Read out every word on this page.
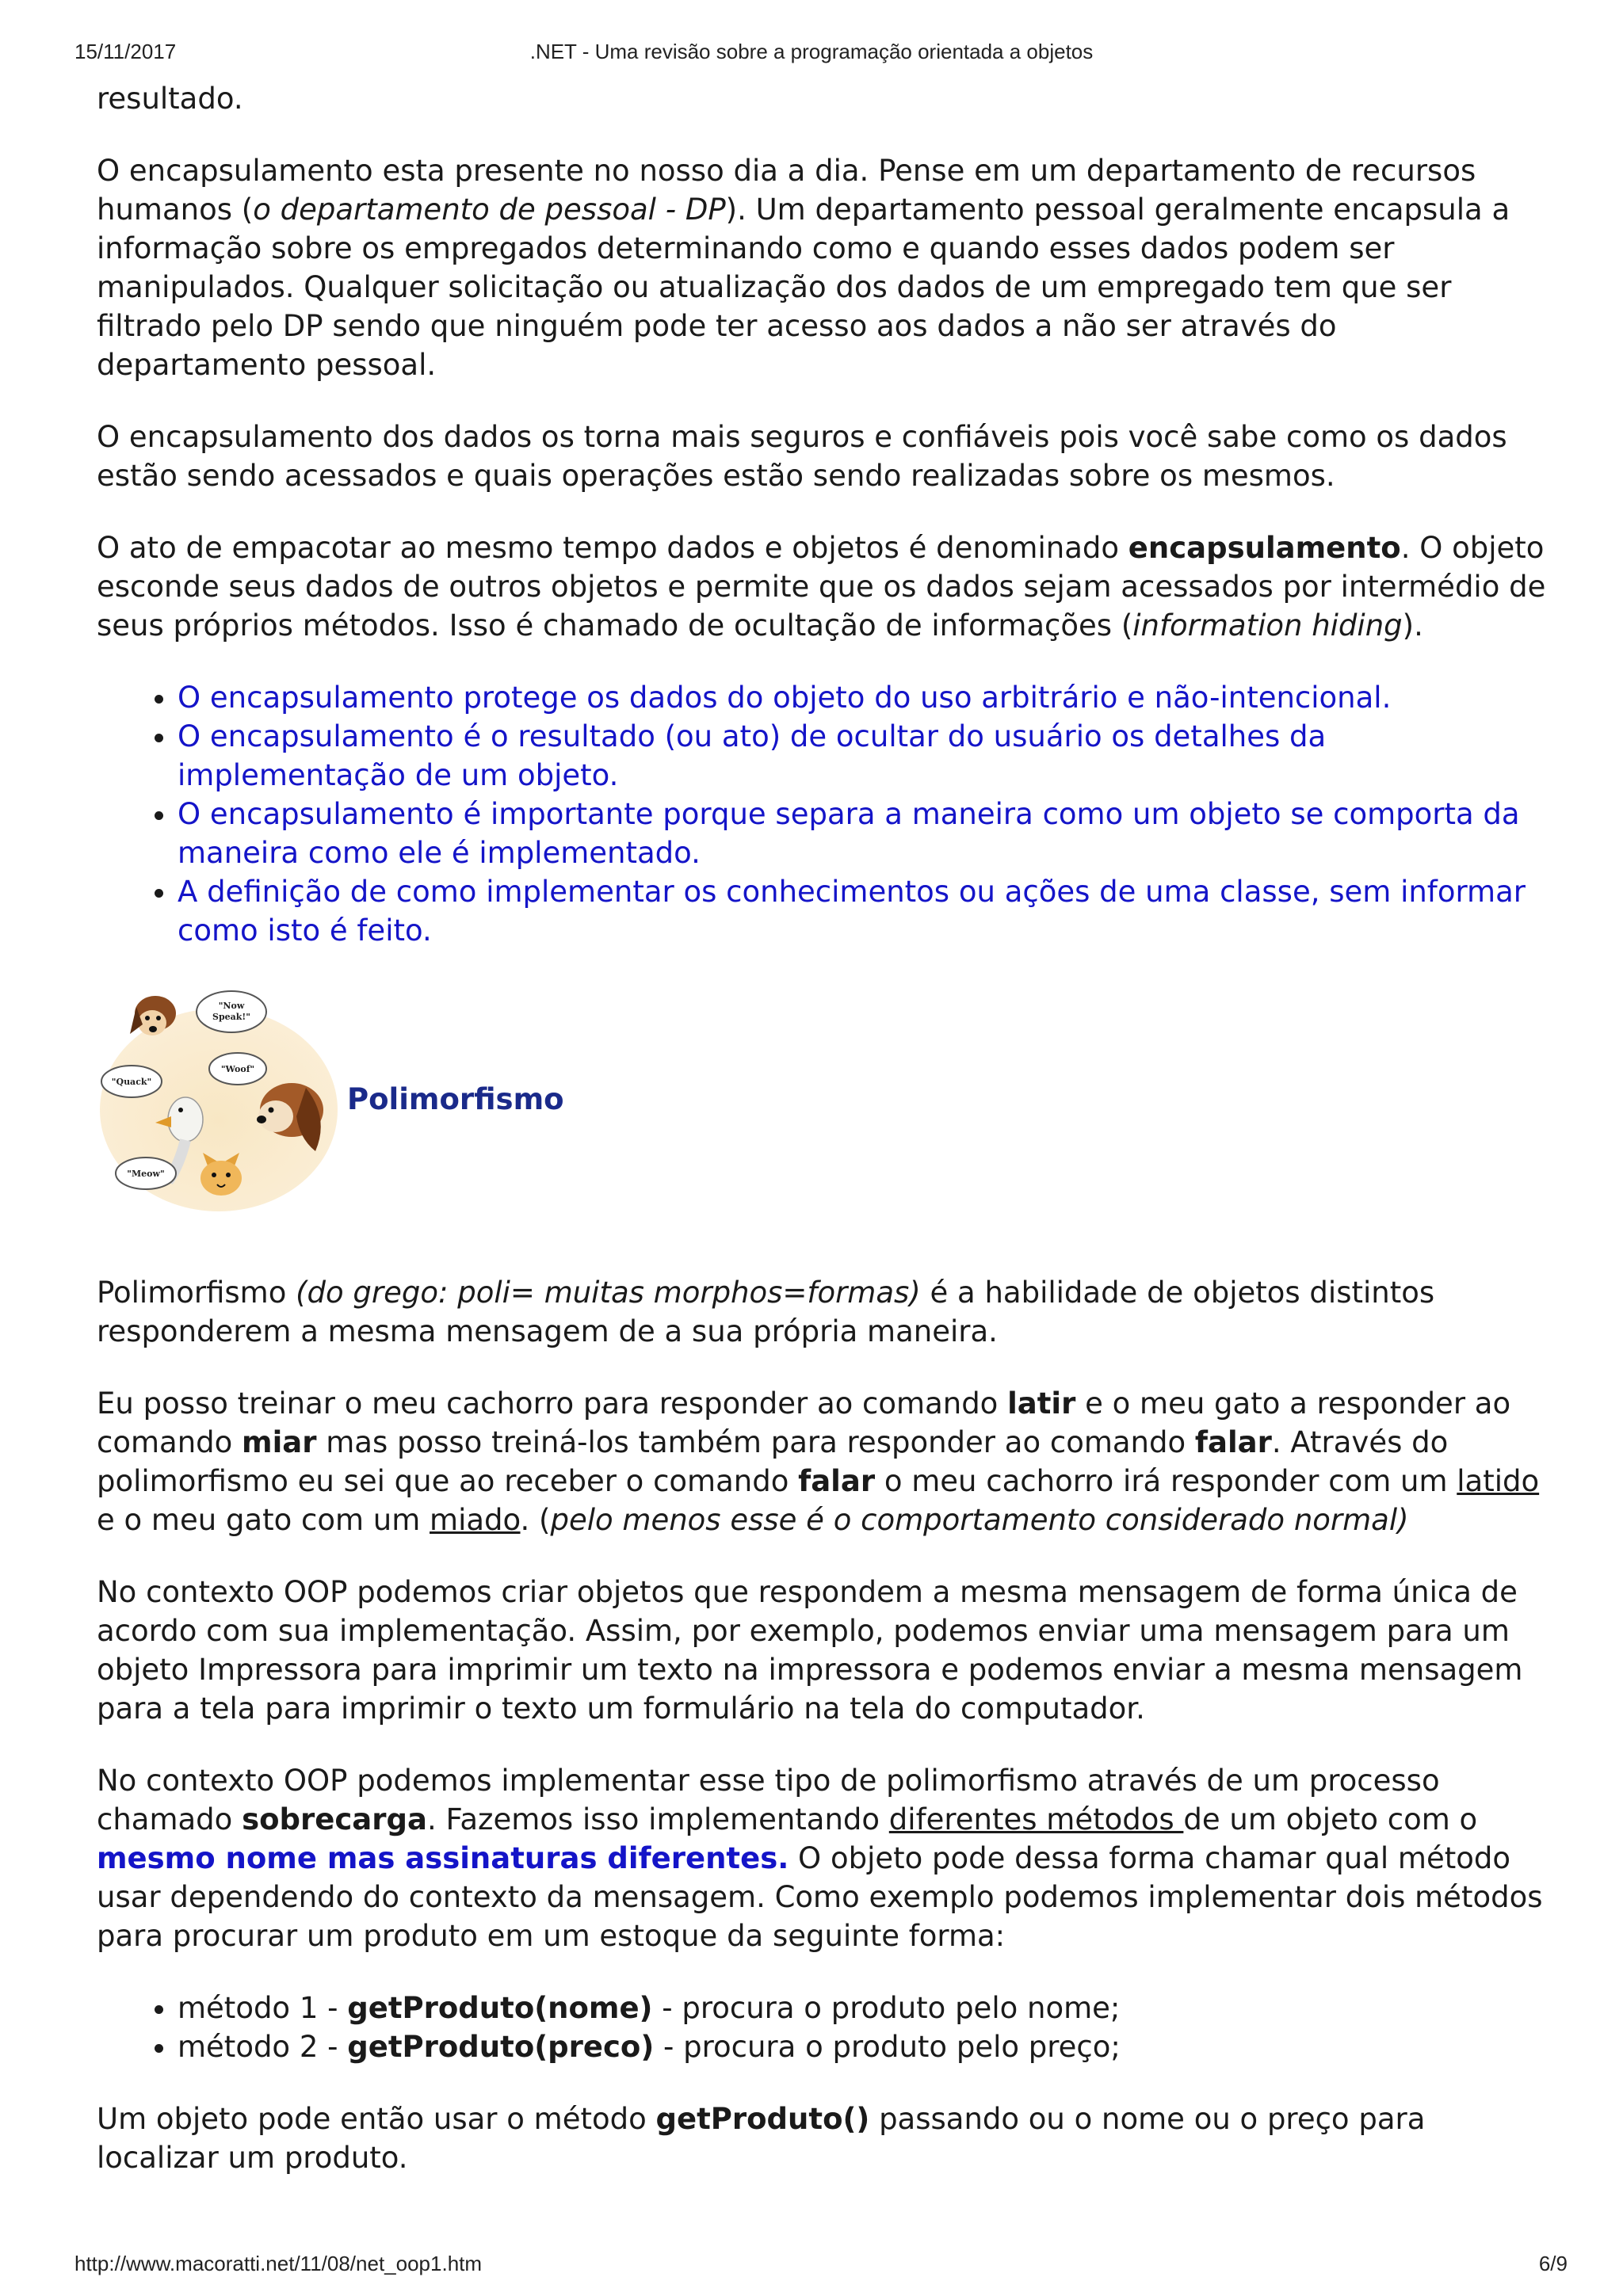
15/11/2017	.NET - Uma revisão sobre a programação orientada a objetos

resultado.

O encapsulamento esta presente no nosso dia a dia. Pense em um departamento de recursos humanos (o departamento de pessoal - DP). Um departamento pessoal geralmente encapsula a informação sobre os empregados determinando como e quando esses dados podem ser manipulados. Qualquer solicitação ou atualização dos dados de um empregado tem que ser filtrado pelo DP sendo que ninguém pode ter acesso aos dados a não ser através do departamento pessoal.

O encapsulamento dos dados os torna mais seguros e confiáveis pois você sabe como os dados estão sendo acessados e quais operações estão sendo realizadas sobre os mesmos.

O ato de empacotar ao mesmo tempo dados e objetos é denominado encapsulamento. O objeto esconde seus dados de outros objetos e permite que os dados sejam acessados por intermédio de seus próprios métodos. Isso é chamado de ocultação de informações (information hiding).

• O encapsulamento protege os dados do objeto do uso arbitrário e não-intencional.
• O encapsulamento é o resultado (ou ato) de ocultar do usuário os detalhes da implementação de um objeto.
• O encapsulamento é importante porque separa a maneira como um objeto se comporta da maneira como ele é implementado.
• A definição de como implementar os conhecimentos ou ações de uma classe, sem informar como isto é feito.
"Now
Speak!"
"Quack"
"Woof"
"Meow"
Polimorfismo

Polimorfismo (do grego: poli= muitas morphos=formas) é a habilidade de objetos distintos responderem a mesma mensagem de a sua própria maneira.

Eu posso treinar o meu cachorro para responder ao comando latir e o meu gato a responder ao comando miar mas posso treiná-los também para responder ao comando falar. Através do polimorfismo eu sei que ao receber o comando falar o meu cachorro irá responder com um latido e o meu gato com um miado. (pelo menos esse é o comportamento considerado normal)

No contexto OOP podemos criar objetos que respondem a mesma mensagem de forma única de acordo com sua implementação. Assim, por exemplo, podemos enviar uma mensagem para um objeto Impressora para imprimir um texto na impressora e podemos enviar a mesma mensagem para a tela para imprimir o texto um formulário na tela do computador.

No contexto OOP podemos implementar esse tipo de polimorfismo através de um processo chamado sobrecarga. Fazemos isso implementando diferentes métodos de um objeto com o mesmo nome mas assinaturas diferentes. O objeto pode dessa forma chamar qual método usar dependendo do contexto da mensagem. Como exemplo podemos implementar dois métodos para procurar um produto em um estoque da seguinte forma:

• método 1 - getProduto(nome) - procura o produto pelo nome;
• método 2 - getProduto(preco) - procura o produto pelo preço;

Um objeto pode então usar o método getProduto() passando ou o nome ou o preço para localizar um produto.

http://www.macoratti.net/11/08/net_oop1.htm	6/9
